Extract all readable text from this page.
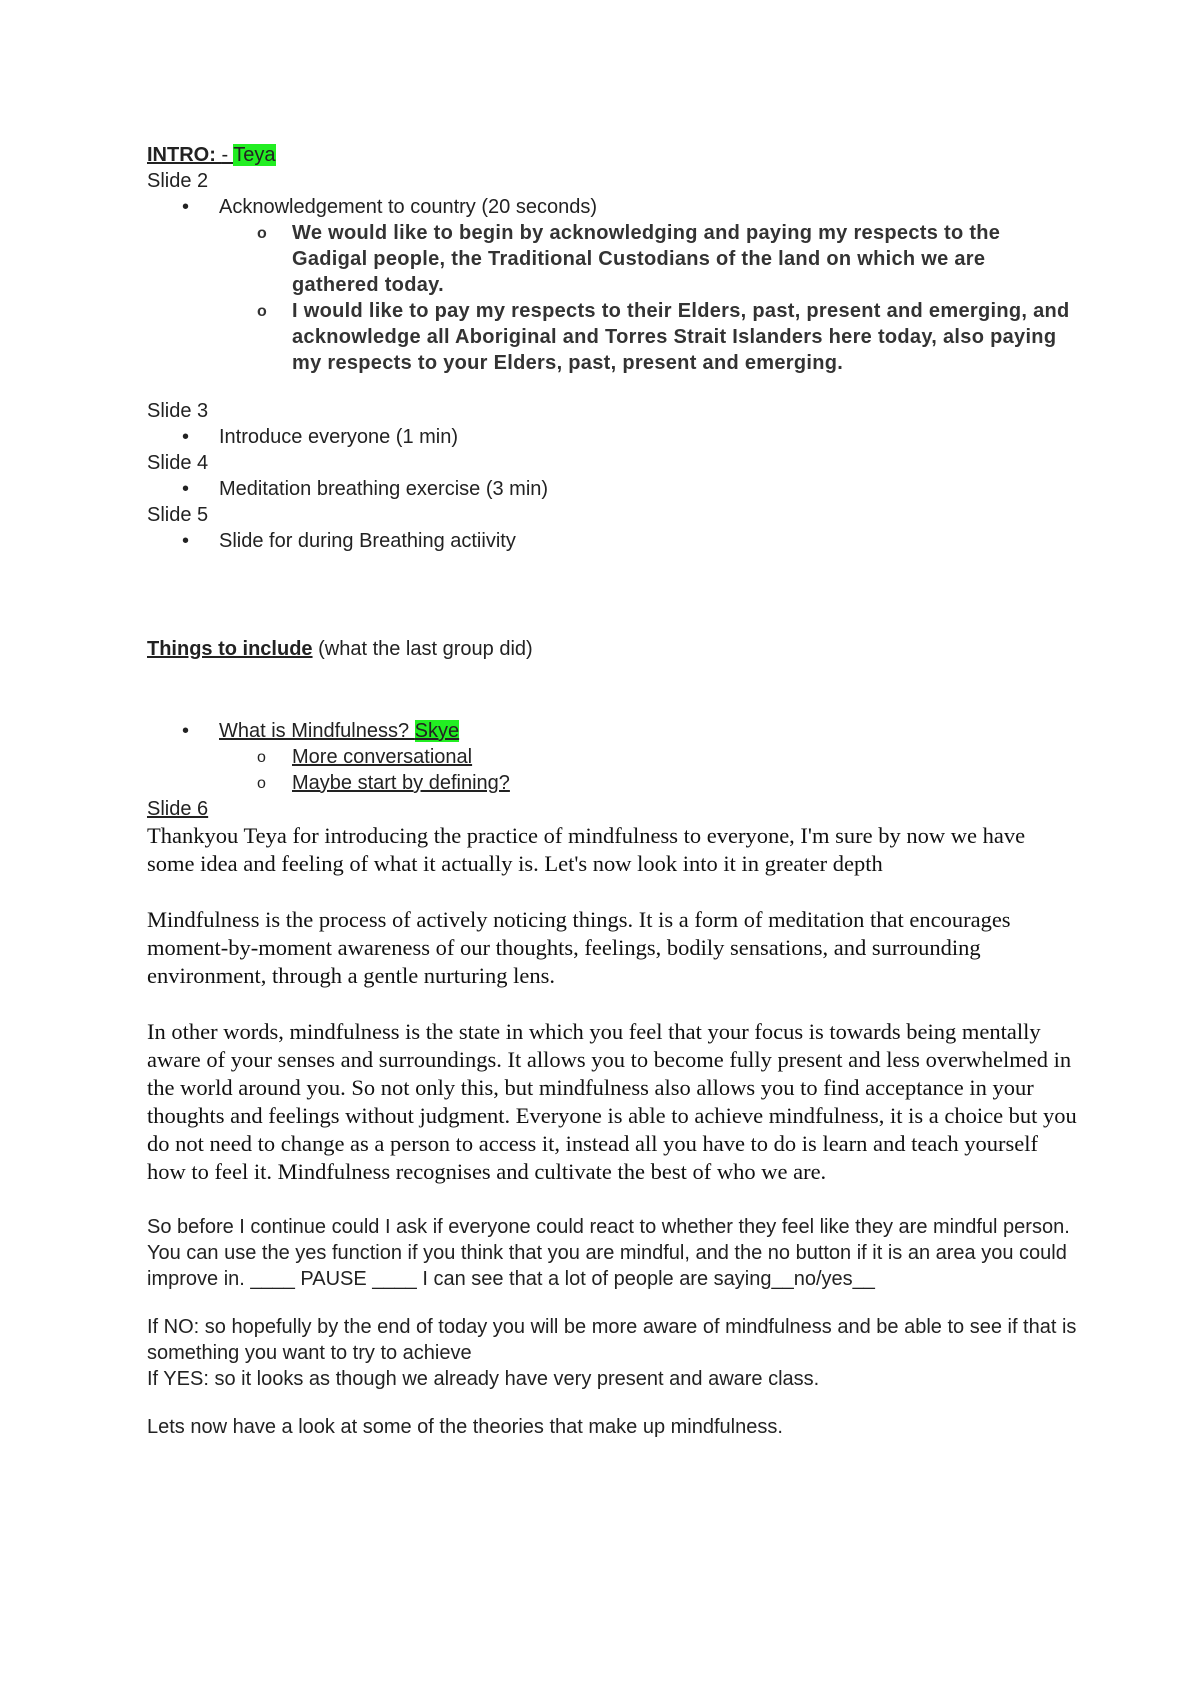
INTRO: - Teya
Slide 2
• Acknowledgement to country (20 seconds)
o We would like to begin by acknowledging and paying my respects to the Gadigal people, the Traditional Custodians of the land on which we are gathered today.
o I would like to pay my respects to their Elders, past, present and emerging, and acknowledge all Aboriginal and Torres Strait Islanders here today, also paying my respects to your Elders, past, present and emerging.
Slide 3
• Introduce everyone (1 min)
Slide 4
• Meditation breathing exercise (3 min)
Slide 5
• Slide for during Breathing actiivity
Things to include (what the last group did)
• What is Mindfulness? Skye
o More conversational
o Maybe start by defining?
Slide 6
Thankyou Teya for introducing the practice of mindfulness to everyone, I'm sure by now we have some idea and feeling of what it actually is. Let's now look into it in greater depth
Mindfulness is the process of actively noticing things. It is a form of meditation that encourages moment-by-moment awareness of our thoughts, feelings, bodily sensations, and surrounding environment, through a gentle nurturing lens.
In other words, mindfulness is the state in which you feel that your focus is towards being mentally aware of your senses and surroundings. It allows you to become fully present and less overwhelmed in the world around you. So not only this, but mindfulness also allows you to find acceptance in your thoughts and feelings without judgment. Everyone is able to achieve mindfulness, it is a choice but you do not need to change as a person to access it, instead all you have to do is learn and teach yourself how to feel it. Mindfulness recognises and cultivate the best of who we are.
So before I continue could I ask if everyone could react to whether they feel like they are mindful person. You can use the yes function if you think that you are mindful, and the no button if it is an area you could improve in. ____ PAUSE ____ I can see that a lot of people are saying__no/yes__
If NO: so hopefully by the end of today you will be more aware of mindfulness and be able to see if that is something you want to try to achieve
If YES: so it looks as though we already have very present and aware class.
Lets now have a look at some of the theories that make up mindfulness.
